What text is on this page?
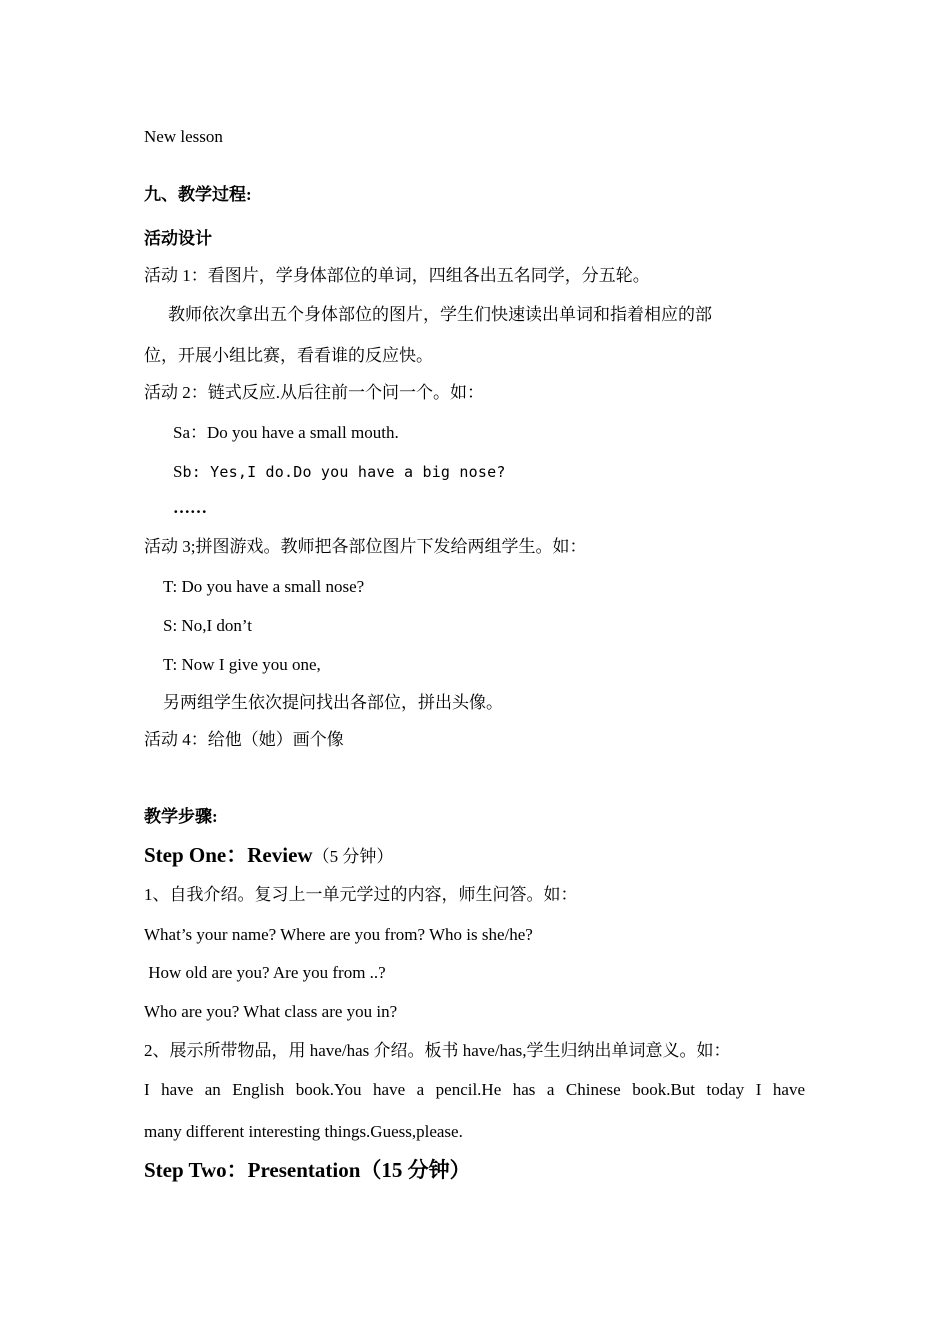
New lesson
九、教学过程:
活动设计
活动 1：看图片，学身体部位的单词，四组各出五名同学，分五轮。
教师依次拿出五个身体部位的图片，学生们快速读出单词和指着相应的部
位，开展小组比赛，看看谁的反应快。
活动 2：链式反应.从后往前一个问一个。如：
Sa：Do you have a small mouth.
Sb: Yes,I do.Do you have a big nose?
……
活动 3;拼图游戏。教师把各部位图片下发给两组学生。如：
T: Do you have a small nose?
S: No,I don’t
T: Now I give you one,
另两组学生依次提问找出各部位，拼出头像。
活动 4：给他（她）画个像
教学步骤:
Step One：Review（5 分钟）
1、自我介绍。复习上一单元学过的内容，师生问答。如：
What’s your name? Where are you from? Who is she/he?
How old are you? Are you from ..?
Who are you? What class are you in?
2、展示所带物品，用 have/has 介绍。板书 have/has,学生归纳出单词意义。如：
I have an English book.You have a pencil.He has a Chinese book.But today I have
many different interesting things.Guess,please.
Step Two：Presentation（15 分钟）
